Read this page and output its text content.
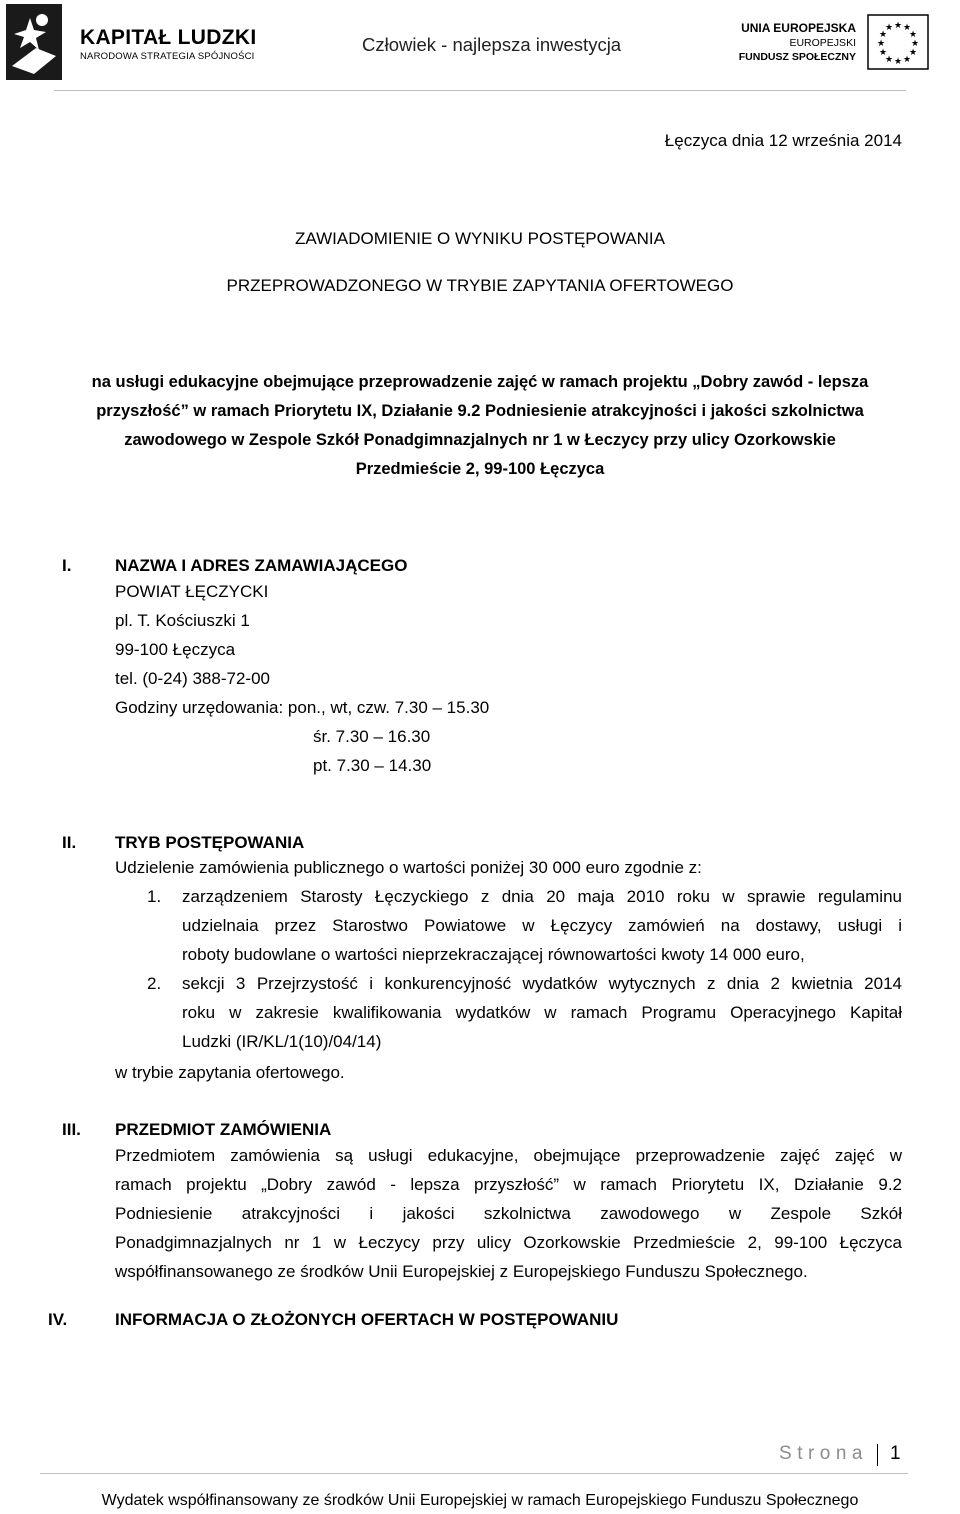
KAPITAŁ LUDZKI
NARODOWA STRATEGIA SPÓJNOŚCI
Człowiek - najlepsza inwestycja
UNIA EUROPEJSKA
EUROPEJSKI
FUNDUSZ SPOŁECZNY
★ ★
★
★
★
★
★
★
★
★
★
★
Łęczyca dnia 12 września 2014
ZAWIADOMIENIE O WYNIKU POSTĘPOWANIA
PRZEPROWADZONEGO W TRYBIE ZAPYTANIA OFERTOWEGO
na usługi edukacyjne obejmujące przeprowadzenie zajęć w ramach projektu „Dobry zawód - lepsza
przyszłość” w ramach Priorytetu IX, Działanie 9.2 Podniesienie atrakcyjności i jakości szkolnictwa
zawodowego w Zespole Szkół Ponadgimnazjalnych nr 1 w Łeczycy przy ulicy Ozorkowskie
Przedmieście 2, 99-100 Łęczyca
I.	NAZWA I ADRES ZAMAWIAJĄCEGO
POWIAT ŁĘCZYCKI
pl. T. Kościuszki 1
99-100 Łęczyca
tel. (0-24) 388-72-00
Godziny urzędowania: pon., wt, czw. 7.30 – 15.30
śr. 7.30 – 16.30
pt. 7.30 – 14.30
II. TRYB POSTĘPOWANIA
Udzielenie zamówienia publicznego o wartości poniżej 30 000 euro zgodnie z:
1. zarządzeniem Starosty Łęczyckiego z dnia 20 maja 2010 roku w sprawie regulaminu
udzielnaia przez Starostwo Powiatowe w Łęczycy zamówień na dostawy, usługi i
roboty budowlane o wartości nieprzekraczającej równowartości kwoty 14 000 euro,
2. sekcji 3 Przejrzystość i konkurencyjność wydatków wytycznych z dnia 2 kwietnia 2014
roku w zakresie kwalifikowania wydatków w ramach Programu Operacyjnego Kapitał
Ludzki (IR/KL/1(10)/04/14)
w trybie zapytania ofertowego.
III. PRZEDMIOT ZAMÓWIENIA
Przedmiotem zamówienia są usługi edukacyjne, obejmujące przeprowadzenie zajęć zajęć w
ramach projektu „Dobry zawód - lepsza przyszłość” w ramach Priorytetu IX, Działanie 9.2
Podniesienie atrakcyjności i jakości szkolnictwa zawodowego w Zespole Szkół
Ponadgimnazjalnych nr 1 w Łeczycy przy ulicy Ozorkowskie Przedmieście 2, 99-100 Łęczyca
współfinansowanego ze środków Unii Europejskiej z Europejskiego Funduszu Społecznego.
IV.	INFORMACJA O ZŁOŻONYCH OFERTACH W POSTĘPOWANIU
Strona 1
Wydatek współfinansowany ze środków Unii Europejskiej w ramach Europejskiego Funduszu Społecznego
